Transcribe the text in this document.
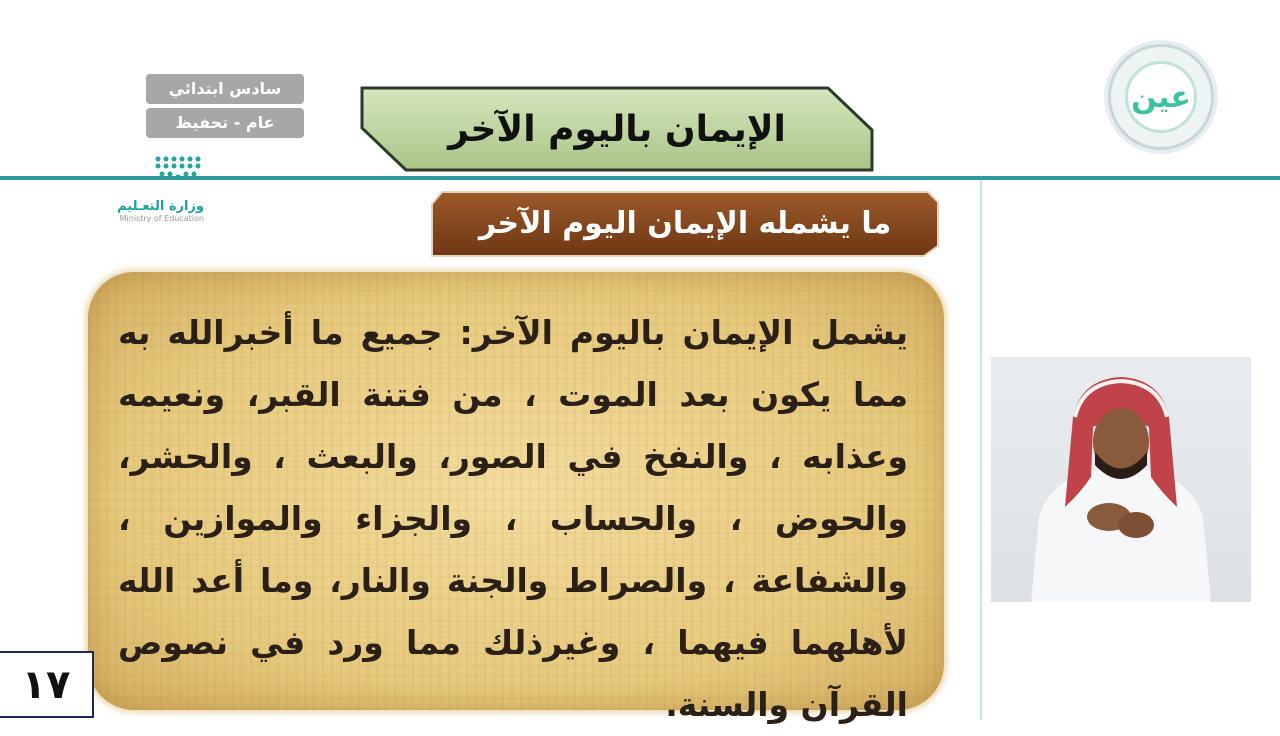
سادس ابتدائي
عام - تحفيظ
وزارة التعـليم
Ministry of Education
عين
الإيمان باليوم الآخر
ما يشمله الإيمان اليوم الآخر
يشمل الإيمان باليوم الآخر: جميع ما أخبرالله به مما يكون بعد الموت ، من فتنة القبر، ونعيمه وعذابه ، والنفخ في الصور، والبعث ، والحشر، والحوض ، والحساب ، والجزاء والموازين ، والشفاعة ، والصراط والجنة والنار، وما أعد الله لأهلهما فيهما ، وغيرذلك مما ورد في نصوص القرآن والسنة.
١٧
